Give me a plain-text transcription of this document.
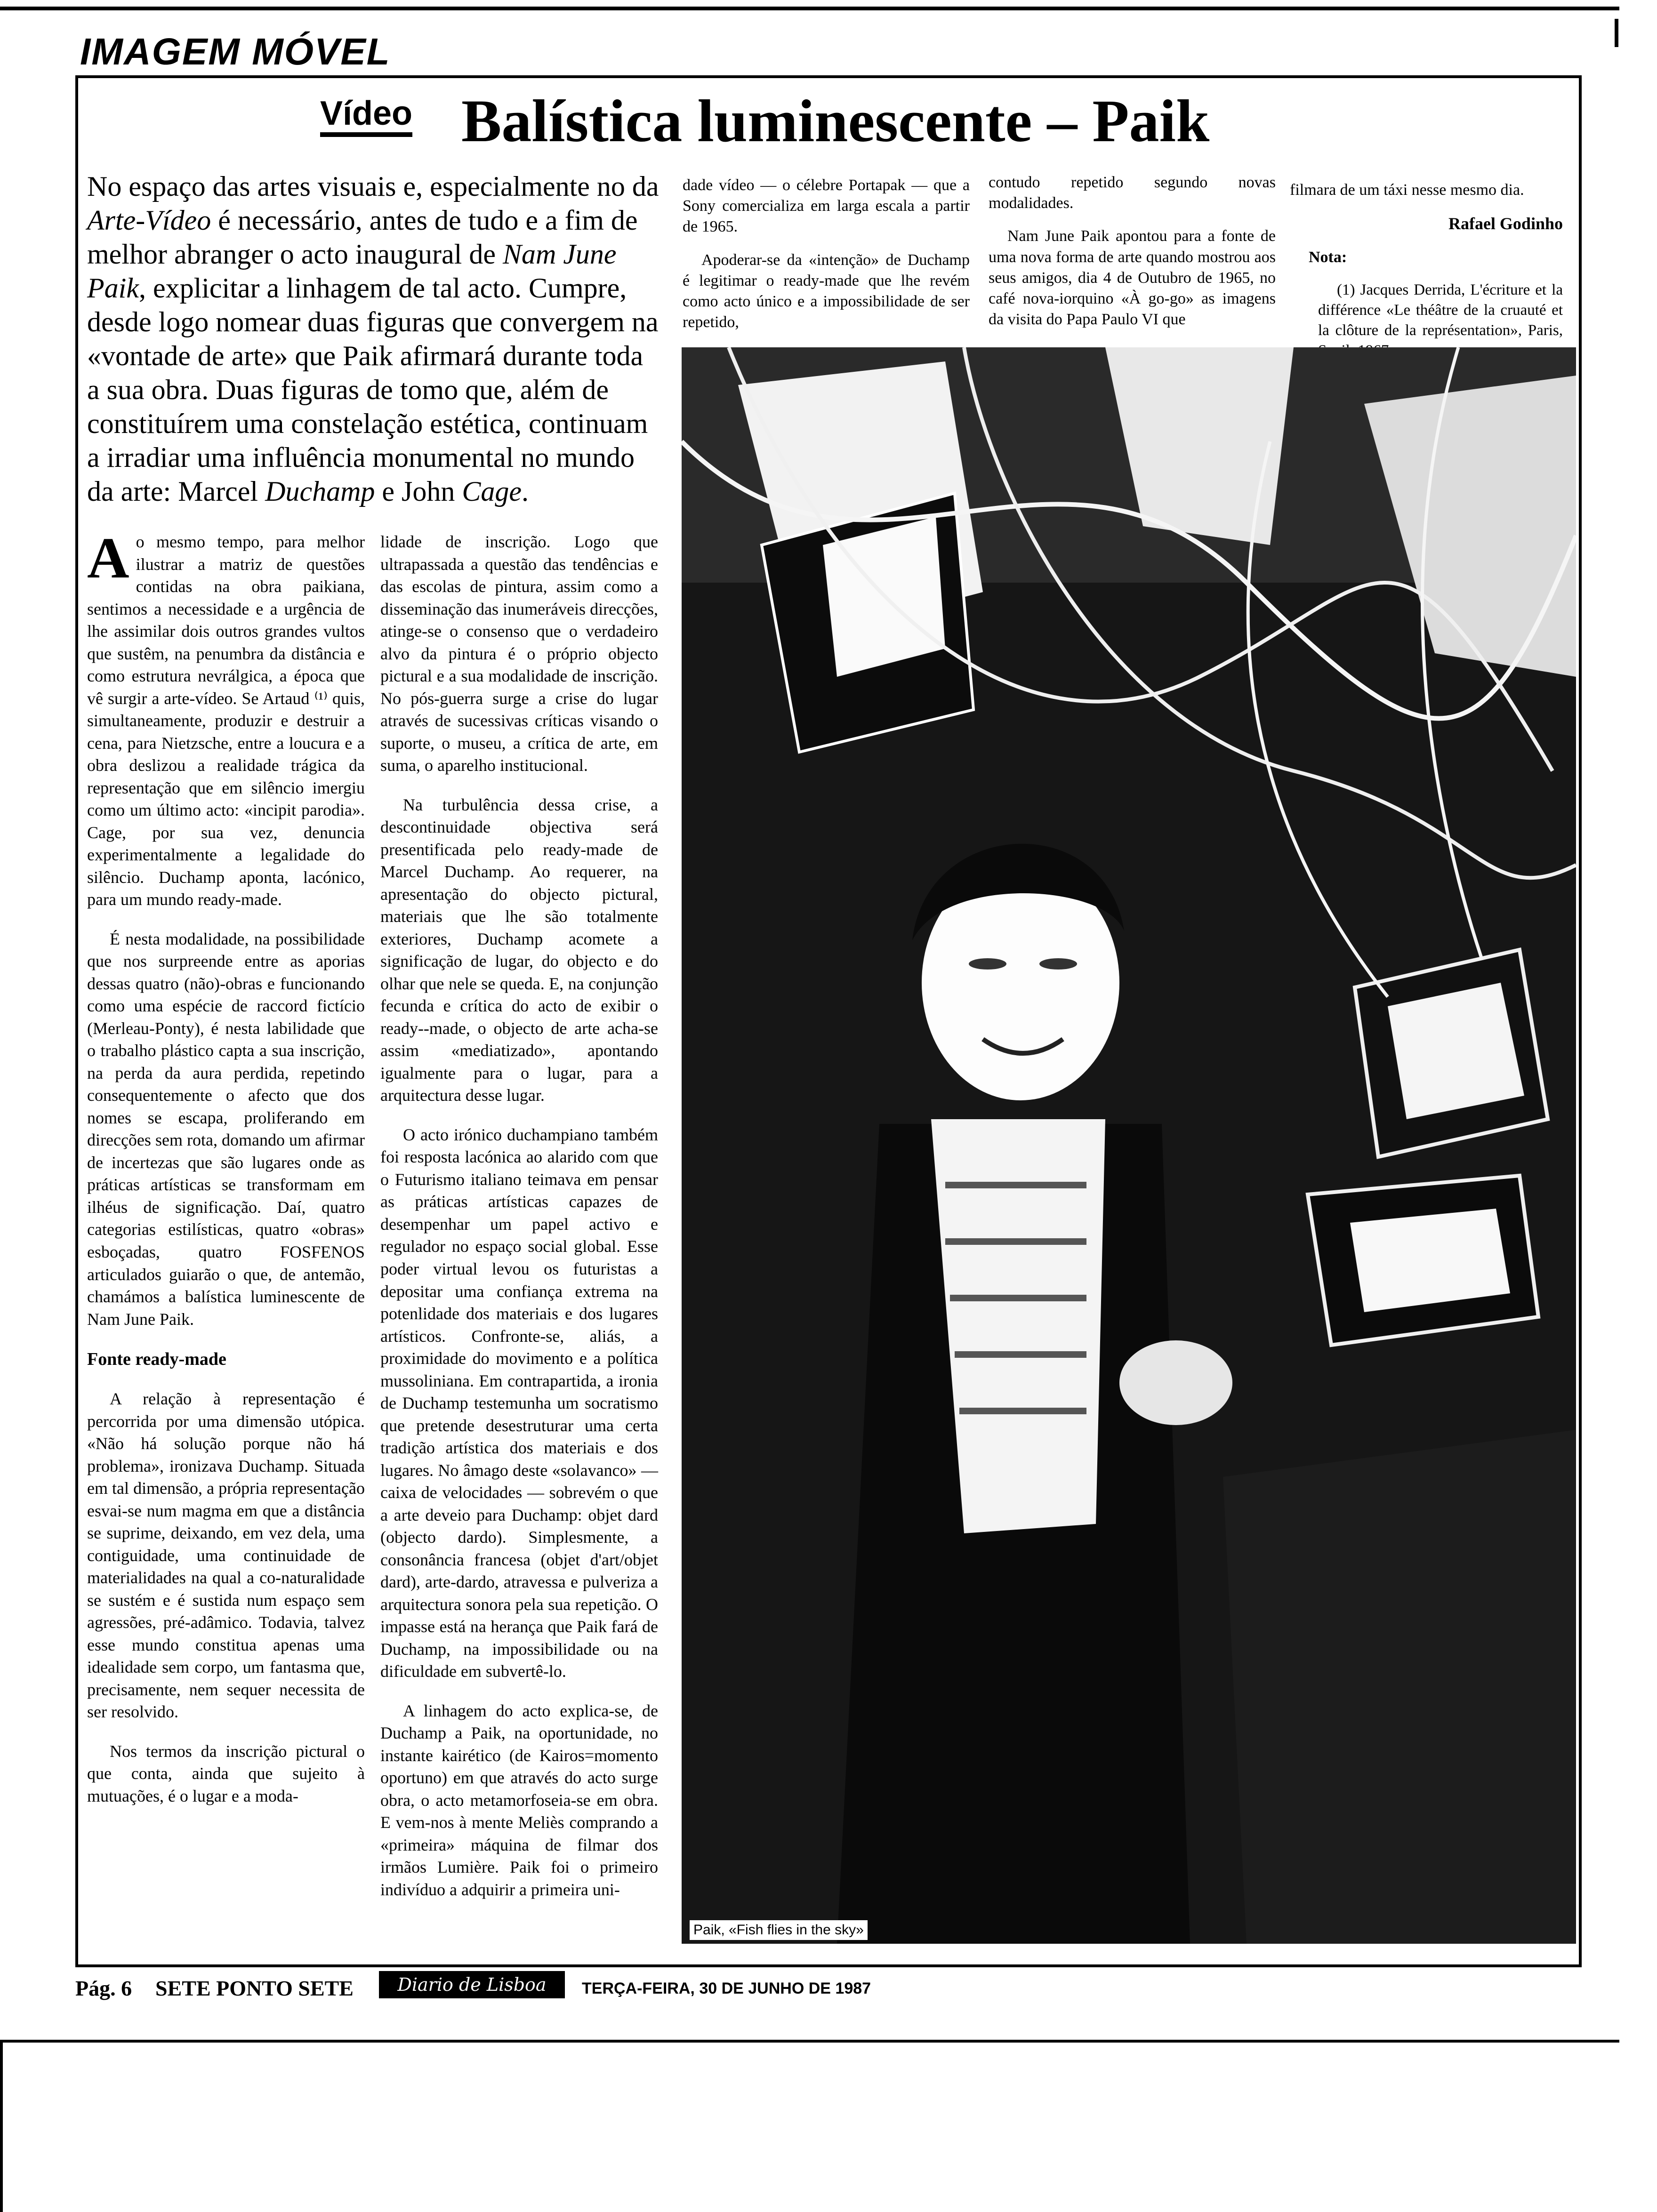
IMAGEM MÓVEL
Vídeo Balística luminescente – Paik
No espaço das artes visuais e, especialmente no da Arte-Vídeo é necessário, antes de tudo e a fim de melhor abranger o acto inaugural de Nam June Paik, explicitar a linhagem de tal acto. Cumpre, desde logo nomear duas figuras que convergem na «vontade de arte» que Paik afirmará durante toda a sua obra. Duas figuras de tomo que, além de constituírem uma constelação estética, continuam a irradiar uma influência monumental no mundo da arte: Marcel Duchamp e John Cage.

Ao mesmo tempo, para melhor ilustrar a matriz de questões contidas na obra paikiana, sentimos a necessidade e a urgência de lhe assimilar dois outros grandes vultos que sustêm, na penumbra da distância e como estrutura nevrálgica, a época que vê surgir a arte-vídeo. Se Artaud ⁽¹⁾ quis, simultaneamente, produzir e destruir a cena, para Nietzsche, entre a loucura e a obra deslizou a realidade trágica da representação que em silêncio imergiu como um último acto: «incipit parodia». Cage, por sua vez, denuncia experimentalmente a legalidade do silêncio. Duchamp aponta, lacónico, para um mundo ready-made.

É nesta modalidade, na possibilidade que nos surpreende entre as aporias dessas quatro (não)-obras e funcionando como uma espécie de raccord fictício (Merleau-Ponty), é nesta labilidade que o trabalho plástico capta a sua inscrição, na perda da aura perdida, repetindo consequentemente o afecto que dos nomes se escapa, proliferando em direcções sem rota, domando um afirmar de incertezas que são lugares onde as práticas artísticas se transformam em ilhéus de significação. Daí, quatro categorias estilísticas, quatro «obras» esboçadas, quatro FOSFENOS articulados guiarão o que, de antemão, chamámos a balística luminescente de Nam June Paik.

Fonte ready-made

A relação à representação é percorrida por uma dimensão utópica. «Não há solução porque não há problema», ironizava Duchamp. Situada em tal dimensão, a própria representação esvai-se num magma em que a distância se suprime, deixando, em vez dela, uma contiguidade, uma continuidade de materialidades na qual a co-naturalidade se sustém e é sustida num espaço sem agressões, pré-adâmico. Todavia, talvez esse mundo constitua apenas uma idealidade sem corpo, um fantasma que, precisamente, nem sequer necessita de ser resolvido.

Nos termos da inscrição pictural o que conta, ainda que sujeito à mutuações, é o lugar e a moda-

lidade de inscrição. Logo que ultrapassada a questão das tendências e das escolas de pintura, assim como a disseminação das inumeráveis direcções, atinge-se o consenso que o verdadeiro alvo da pintura é o próprio objecto pictural e a sua modalidade de inscrição. No pós-guerra surge a crise do lugar através de sucessivas críticas visando o suporte, o museu, a crítica de arte, em suma, o aparelho institucional.

Na turbulência dessa crise, a descontinuidade objectiva será presentificada pelo ready-made de Marcel Duchamp. Ao requerer, na apresentação do objecto pictural, materiais que lhe são totalmente exteriores, Duchamp acomete a significação de lugar, do objecto e do olhar que nele se queda. E, na conjunção fecunda e crítica do acto de exibir o ready--made, o objecto de arte acha-se assim «mediatizado», apontando igualmente para o lugar, para a arquitectura desse lugar.

O acto irónico duchampiano também foi resposta lacónica ao alarido com que o Futurismo italiano teimava em pensar as práticas artísticas capazes de desempenhar um papel activo e regulador no espaço social global. Esse poder virtual levou os futuristas a depositar uma confiança extrema na potenlidade dos materiais e dos lugares artísticos. Confronte-se, aliás, a proximidade do movimento e a política mussoliniana. Em contrapartida, a ironia de Duchamp testemunha um socratismo que pretende desestruturar uma certa tradição artística dos materiais e dos lugares. No âmago deste «solavanco» — caixa de velocidades — sobrevém o que a arte deveio para Duchamp: objet dard (objecto dardo). Simplesmente, a consonância francesa (objet d'art/objet dard), arte-dardo, atravessa e pulveriza a arquitectura sonora pela sua repetição. O impasse está na herança que Paik fará de Duchamp, na impossibilidade ou na dificuldade em subvertê-lo.

A linhagem do acto explica-se, de Duchamp a Paik, na oportunidade, no instante kairético (de Kairos=momento oportuno) em que através do acto surge obra, o acto metamorfoseia-se em obra. E vem-nos à mente Meliès comprando a «primeira» máquina de filmar dos irmãos Lumière. Paik foi o primeiro indivíduo a adquirir a primeira uni-

dade vídeo — o célebre Portapak — que a Sony comercializa em larga escala a partir de 1965.

Apoderar-se da «intenção» de Duchamp é legitimar o ready-made que lhe revém como acto único e a impossibilidade de ser repetido,

contudo repetido segundo novas modalidades.

Nam June Paik apontou para a fonte de uma nova forma de arte quando mostrou aos seus amigos, dia 4 de Outubro de 1965, no café nova-iorquino «À go-go» as imagens da visita do Papa Paulo VI que

filmara de um táxi nesse mesmo dia.

Rafael Godinho

Nota:

(1) Jacques Derrida, L'écriture et la différence «Le théâtre de la cruauté et la clôture de la représentation», Paris,

Paik, «Fish flies in the sky»
Pág. 6 SETE PONTO SETE	Diario de Lisboa	TERÇA-FEIRA, 30 DE JUNHO DE 1987
